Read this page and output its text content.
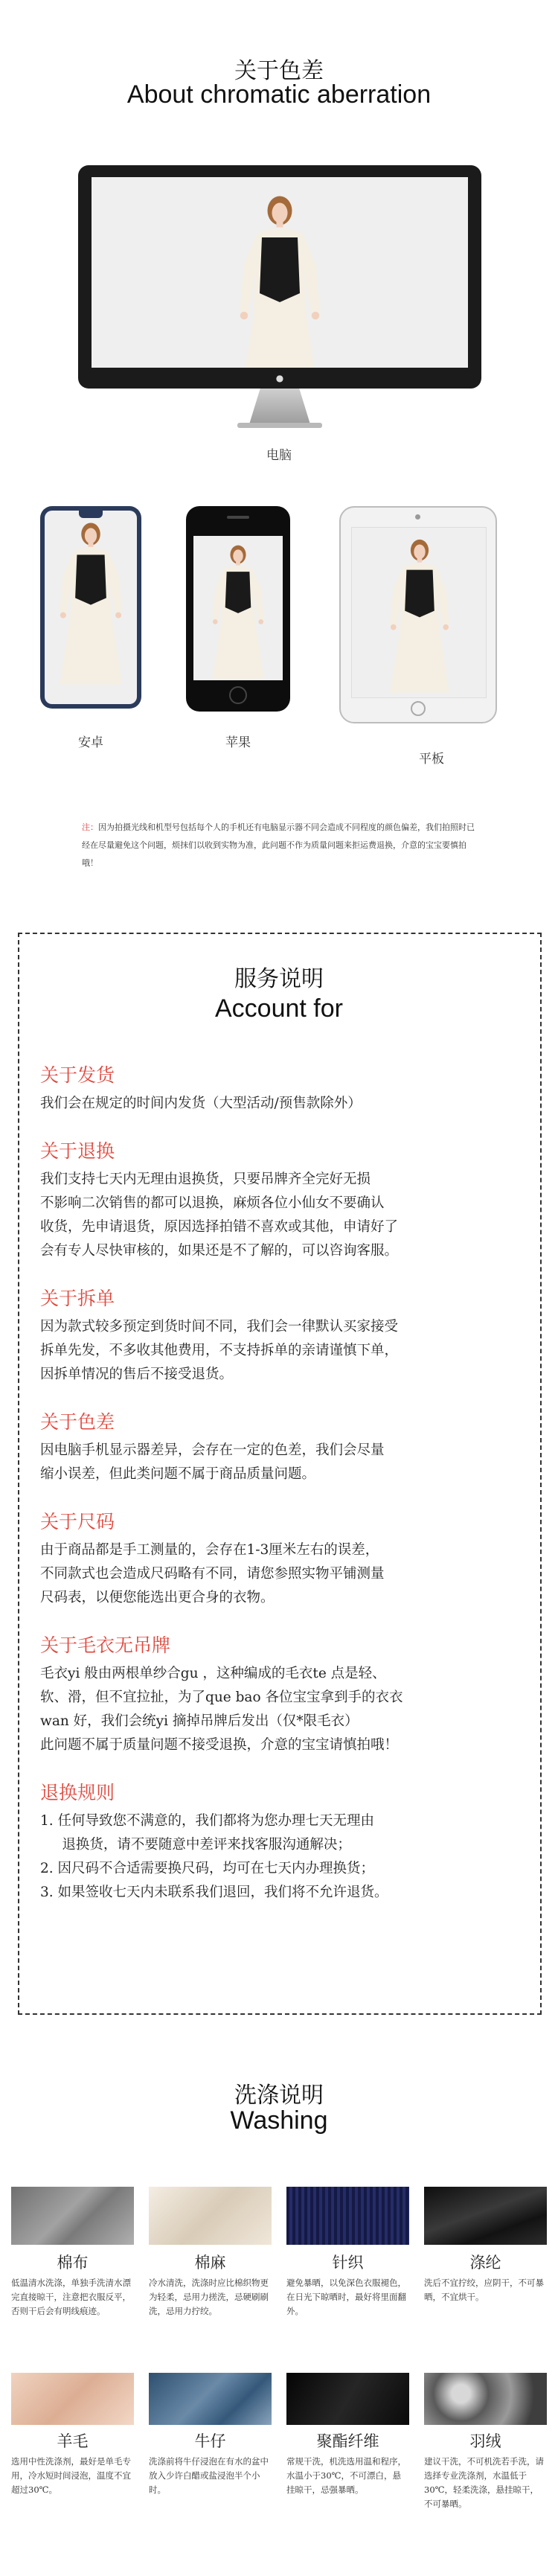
关于色差
About chromatic aberration
●
电脑
安卓	苹果
平板
注：因为拍摄光线和机型号包括每个人的手机还有电脑显示器不同会造成不同程度的颜色偏差，我们拍照时已经在尽量避免这个问题，烦抹们以收到实物为准，此问题不作为质量问题来拒运费退换，介意的宝宝要慎拍哦！
服务说明
Account for
关于发货
我们会在规定的时间内发货（大型活动/预售款除外）
关于退换
我们支持七天内无理由退换货，只要吊牌齐全完好无损
不影响二次销售的都可以退换，麻烦各位小仙女不要确认
收货，先申请退货，原因选择拍错不喜欢或其他，申请好了
会有专人尽快审核的，如果还是不了解的，可以咨询客服。
关于拆单
因为款式较多预定到货时间不同，我们会一律默认买家接受
拆单先发，不多收其他费用，不支持拆单的亲请谨慎下单，
因拆单情况的售后不接受退货。
关于色差
因电脑手机显示器差异，会存在一定的色差，我们会尽量
缩小误差，但此类问题不属于商品质量问题。
关于尺码
由于商品都是手工测量的，会存在1-3厘米左右的误差，
不同款式也会造成尺码略有不同，请您参照实物平铺测量
尺码表，以便您能选出更合身的衣物。
关于毛衣无吊牌
毛衣yi 般由两根单纱合gu ，这种编成的毛衣te 点是轻、
软、滑，但不宜拉扯，为了que bao 各位宝宝拿到手的衣衣
wan 好，我们会统yi 摘掉吊牌后发出（仅*限毛衣）
此问题不属于质量问题不接受退换，介意的宝宝请慎拍哦！
退换规则
1. 任何导致您不满意的，我们都将为您办理七天无理由
退换货，请不要随意中差评来找客服沟通解决；
2. 因尺码不合适需要换尺码，均可在七天内办理换货；
3. 如果签收七天内未联系我们退回，我们将不允许退货。
洗涤说明
Washing
棉布
低温清水洗涤，单独手洗清水漂完直接晾干，注意把衣服反平，否则干后会有明线痕迹。
棉麻
冷水清洗，洗涤时应比棉织物更为轻柔，忌用力搓洗，忌硬刷刷洗，忌用力拧绞。
针织
避免暴晒，以免深色衣服褪色，在日光下晾晒时，最好将里面翻外。
涤纶
洗后不宜拧绞，应阴干，不可暴晒，不宜烘干。
羊毛
选用中性洗涤剂，最好是单毛专用，冷水短时间浸泡，温度不宜超过30℃。
牛仔
洗涤前将牛仔浸泡在有水的盆中放入少许白醋或盐浸泡半个小时。
聚酯纤维
常规干洗，机洗选用温和程序，水温小于30℃，不可漂白，悬挂晾干，忌强暴晒。
羽绒
建议干洗，不可机洗若手洗，请选择专业洗涤剂，水温低于30℃，轻柔洗涤，悬挂晾干，不可暴晒。
